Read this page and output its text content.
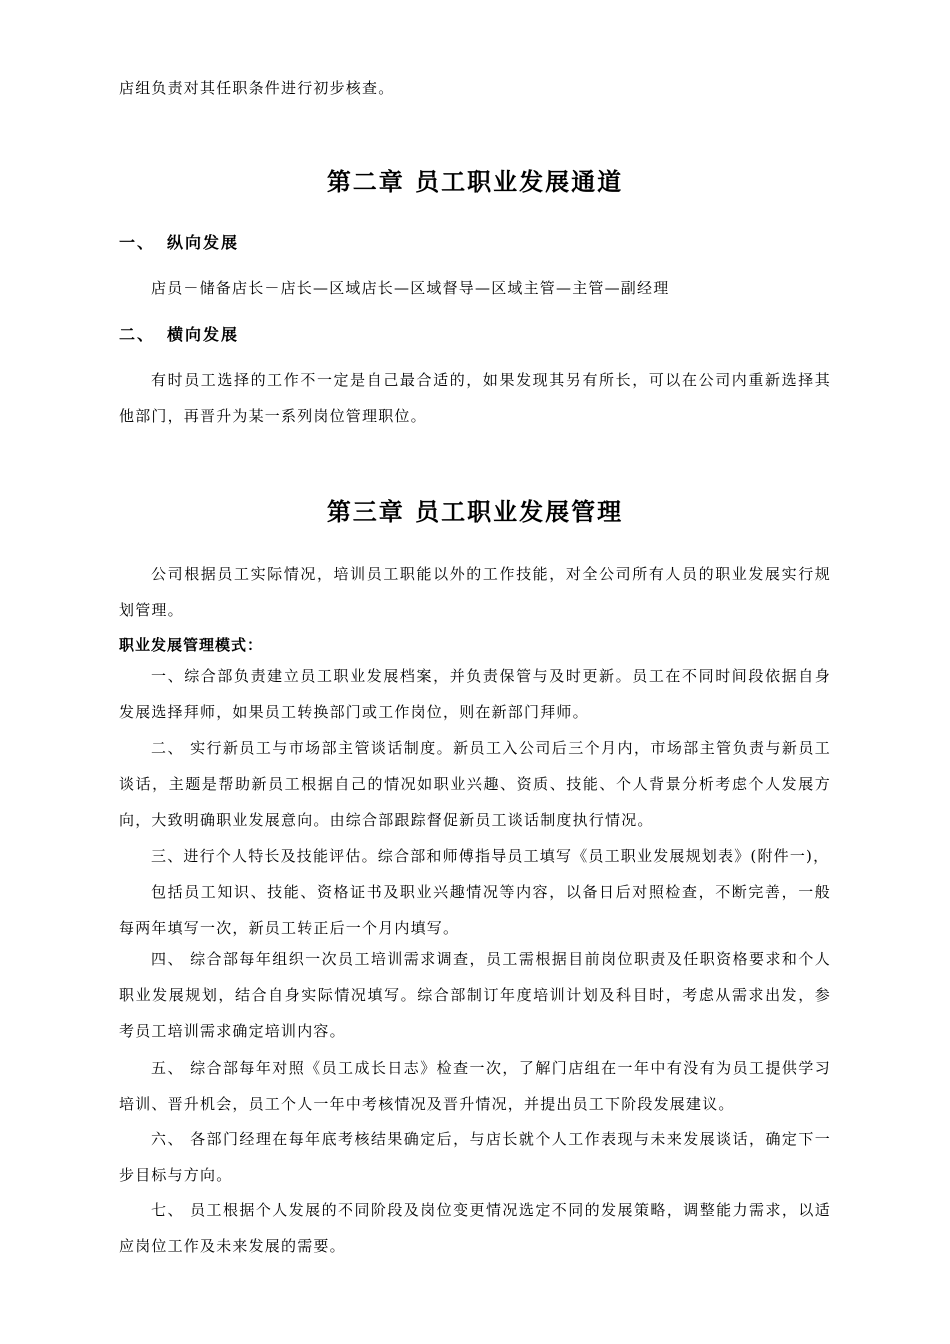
店组负责对其任职条件进行初步核查。

第二章 员工职业发展通道
一、 纵向发展

店员－储备店长－店长—区域店长—区域督导—区域主管—主管—副经理

二、 横向发展

有时员工选择的工作不一定是自己最合适的，如果发现其另有所长，可以在公司内重新选择其他部门，再晋升为某一系列岗位管理职位。

第三章 员工职业发展管理

公司根据员工实际情况，培训员工职能以外的工作技能，对全公司所有人员的职业发展实行规划管理。

职业发展管理模式：

一、综合部负责建立员工职业发展档案，并负责保管与及时更新。员工在不同时间段依据自身发展选择拜师，如果员工转换部门或工作岗位，则在新部门拜师。

二、 实行新员工与市场部主管谈话制度。新员工入公司后三个月内，市场部主管负责与新员工谈话，主题是帮助新员工根据自己的情况如职业兴趣、资质、技能、个人背景分析考虑个人发展方向，大致明确职业发展意向。由综合部跟踪督促新员工谈话制度执行情况。

三、进行个人特长及技能评估。综合部和师傅指导员工填写《员工职业发展规划表》(附件一)，

包括员工知识、技能、资格证书及职业兴趣情况等内容，以备日后对照检查，不断完善，一般每两年填写一次，新员工转正后一个月内填写。

四、 综合部每年组织一次员工培训需求调查，员工需根据目前岗位职责及任职资格要求和个人职业发展规划，结合自身实际情况填写。综合部制订年度培训计划及科目时，考虑从需求出发，参考员工培训需求确定培训内容。

五、 综合部每年对照《员工成长日志》检查一次，了解门店组在一年中有没有为员工提供学习培训、晋升机会，员工个人一年中考核情况及晋升情况，并提出员工下阶段发展建议。

六、 各部门经理在每年底考核结果确定后，与店长就个人工作表现与未来发展谈话，确定下一步目标与方向。

七、 员工根据个人发展的不同阶段及岗位变更情况选定不同的发展策略，调整能力需求，以适应岗位工作及未来发展的需要。
